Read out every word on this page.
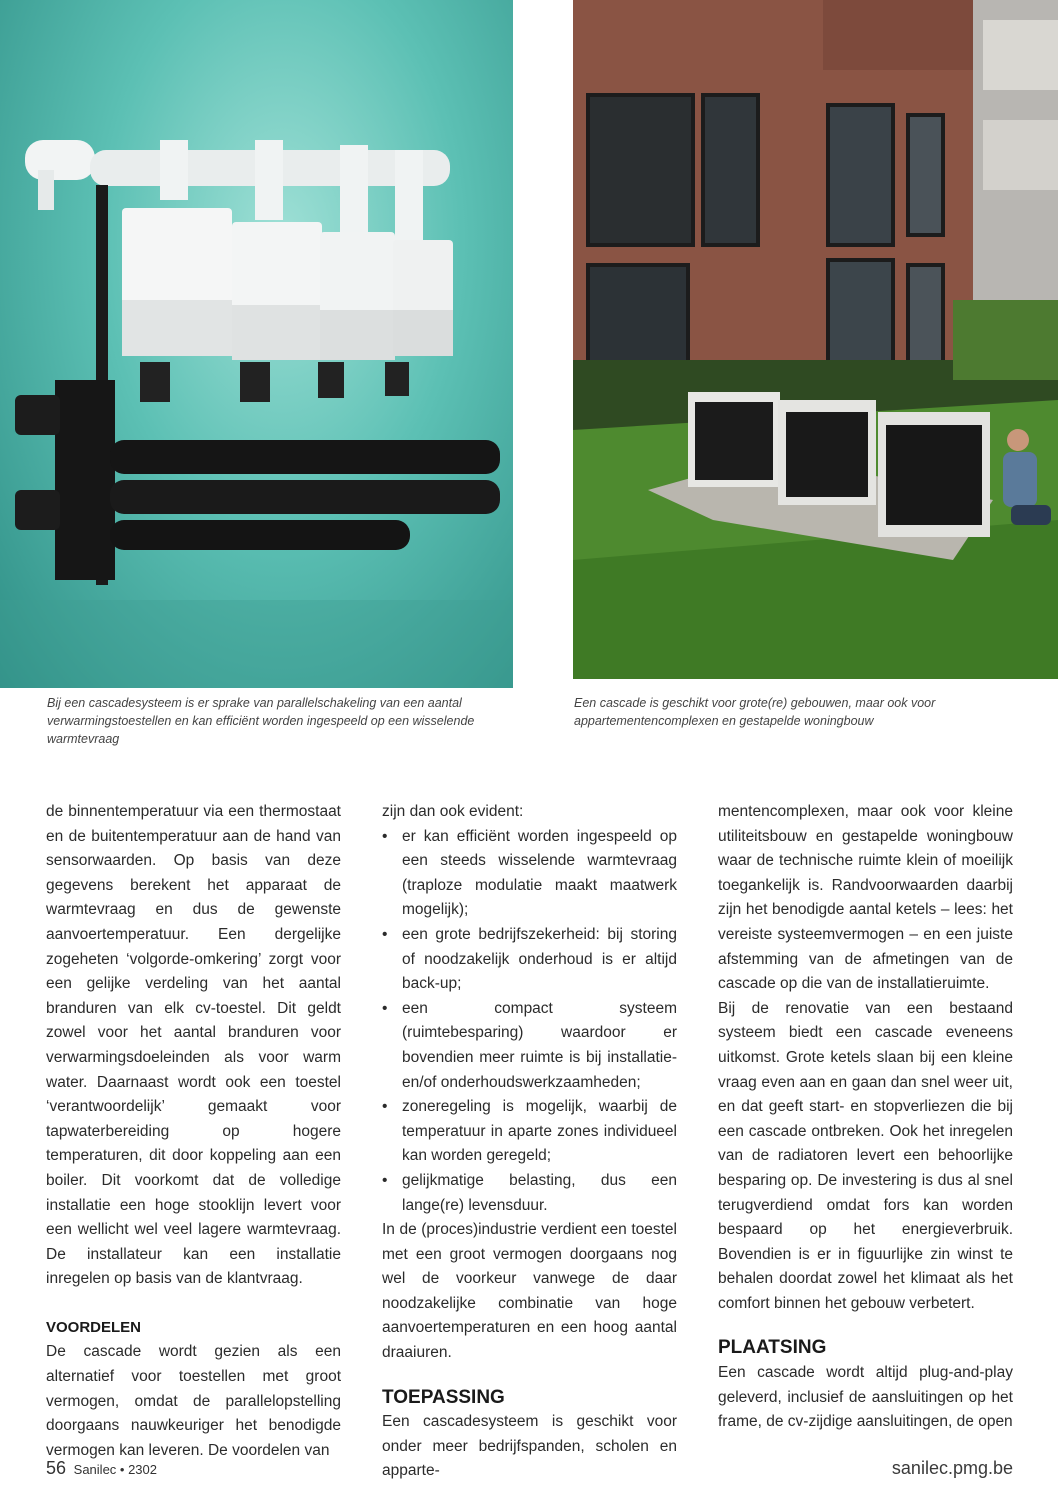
Bij een cascadesysteem is er sprake van parallelschakeling van een aantal verwarmingstoestellen en kan efficiënt worden ingespeeld op een wisselende warmtevraag
Een cascade is geschikt voor grote(re) gebouwen, maar ook voor appartementencomplexen en gestapelde woningbouw

de binnentemperatuur via een thermostaat en de buitentemperatuur aan de hand van sensorwaarden. Op basis van deze gegevens berekent het apparaat de warmtevraag en dus de gewenste aanvoertemperatuur. Een dergelijke zogeheten ‘volgorde-omkering’ zorgt voor een gelijke verdeling van het aantal branduren van elk cv-toestel. Dit geldt zowel voor het aantal branduren voor verwarmingsdoeleinden als voor warm water. Daarnaast wordt ook een toestel ‘verantwoordelijk’ gemaakt voor tapwaterbereiding op hogere temperaturen, dit door koppeling aan een boiler. Dit voorkomt dat de volledige installatie een hoge stooklijn levert voor een wellicht wel veel lagere warmtevraag. De installateur kan een installatie inregelen op basis van de klantvraag.

VOORDELEN

De cascade wordt gezien als een alternatief voor toestellen met groot vermogen, omdat de parallelopstelling doorgaans nauwkeuriger het benodigde vermogen kan leveren. De voordelen van

zijn dan ook evident:

• er kan efficiënt worden ingespeeld op een steeds wisselende warmtevraag (traploze modulatie maakt maatwerk mogelijk);
• een grote bedrijfszekerheid: bij storing of noodzakelijk onderhoud is er altijd back-up;
• een compact systeem (ruimtebesparing) waardoor er bovendien meer ruimte is bij installatie- en/of onderhoudswerkzaamheden;
• zoneregeling is mogelijk, waarbij de temperatuur in aparte zones individueel kan worden geregeld;
• gelijkmatige belasting, dus een lange(re) levensduur.

In de (proces)industrie verdient een toestel met een groot vermogen doorgaans nog wel de voorkeur vanwege de daar noodzakelijke combinatie van hoge aanvoertemperaturen en een hoog aantal draaiuren.

TOEPASSING

Een cascadesysteem is geschikt voor onder meer bedrijfspanden, scholen en apparte-

mentencomplexen, maar ook voor kleine utiliteitsbouw en gestapelde woningbouw waar de technische ruimte klein of moeilijk toegankelijk is. Randvoorwaarden daarbij zijn het benodigde aantal ketels – lees: het vereiste systeemvermogen – en een juiste afstemming van de afmetingen van de cascade op die van de installatieruimte.

Bij de renovatie van een bestaand systeem biedt een cascade eveneens uitkomst. Grote ketels slaan bij een kleine vraag even aan en gaan dan snel weer uit, en dat geeft start- en stopverliezen die bij een cascade ontbreken. Ook het inregelen van de radiatoren levert een behoorlijke besparing op. De investering is dus al snel terugverdiend omdat fors kan worden bespaard op het energieverbruik. Bovendien is er in figuurlijke zin winst te behalen doordat zowel het klimaat als het comfort binnen het gebouw verbetert.

PLAATSING

Een cascade wordt altijd plug-and-play geleverd, inclusief de aansluitingen op het frame, de cv-zijdige aansluitingen, de open

56 Sanilec • 2302	sanilec.pmg.be
